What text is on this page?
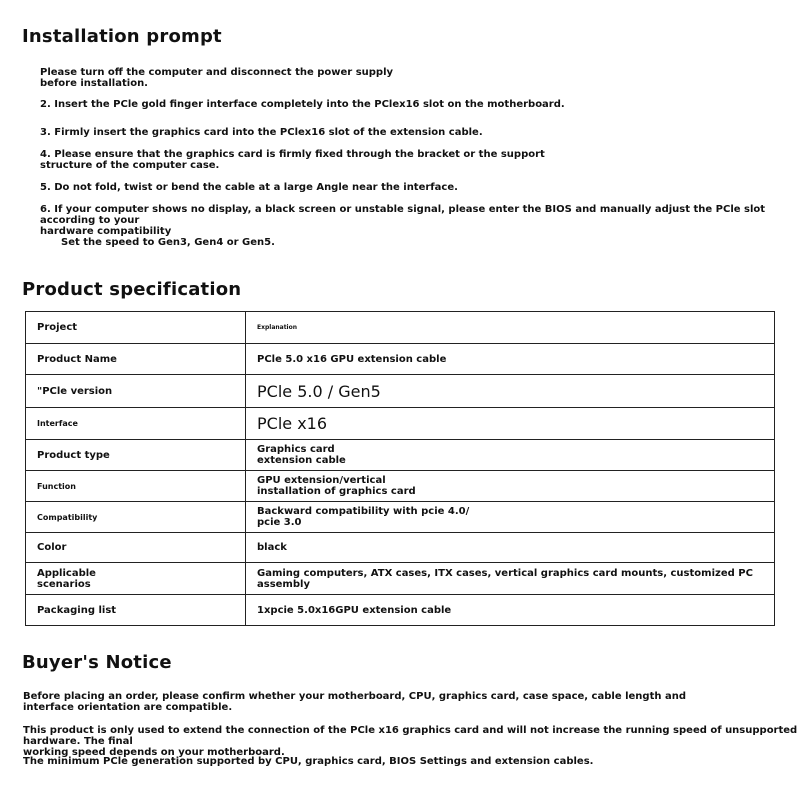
Installation prompt
Please turn off the computer and disconnect the power supply
before installation.
2. Insert the PCle gold finger interface completely into the PClex16 slot on the motherboard.
3. Firmly insert the graphics card into the PClex16 slot of the extension cable.
4. Please ensure that the graphics card is firmly fixed through the bracket or the support
structure of the computer case.
5. Do not fold, twist or bend the cable at a large Angle near the interface.
6. If your computer shows no display, a black screen or unstable signal, please enter the BIOS and manually adjust the PCle slot according to your
hardware compatibility
Set the speed to Gen3, Gen4 or Gen5.
Product specification
Project	Explanation
Product Name	PCle 5.0 x16 GPU extension cable
"PCle version	PCle 5.0 / Gen5
Interface	PCle x16
Product type	Graphics card
extension cable

Function	GPU extension/vertical
installation of graphics card

Compatibility	Backward compatibility with pcie 4.0/
pcie 3.0

Color	black

Applicable
scenarios	Gaming computers, ATX cases, ITX cases, vertical graphics card mounts, customized PC
assembly

Packaging list	1xpcie 5.0x16GPU extension cable
Buyer's Notice
Before placing an order, please confirm whether your motherboard, CPU, graphics card, case space, cable length and
interface orientation are compatible.
This product is only used to extend the connection of the PCle x16 graphics card and will not increase the running speed of unsupported hardware. The final
working speed depends on your motherboard.
The minimum PCle generation supported by CPU, graphics card, BIOS Settings and extension cables.
